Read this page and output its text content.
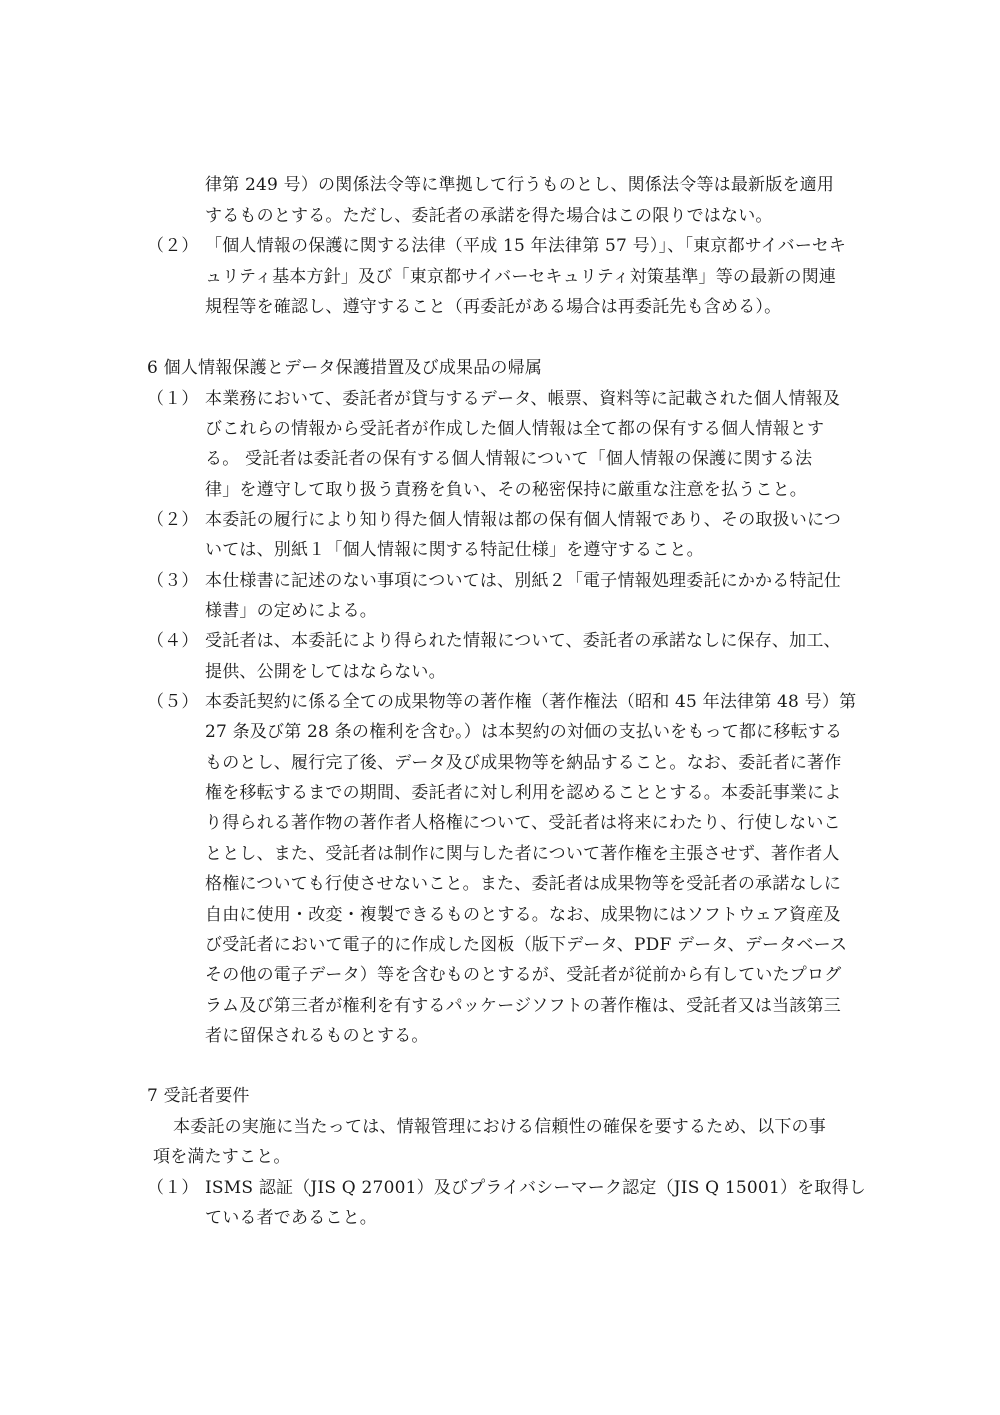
律第 249 号）の関係法令等に準拠して行うものとし、関係法令等は最新版を適用
するものとする。ただし、委託者の承諾を得た場合はこの限りではない。
（２） 「個人情報の保護に関する法律（平成 15 年法律第 57 号）」、「東京都サイバーセキ
ュリティ基本方針」及び「東京都サイバーセキュリティ対策基準」等の最新の関連
規程等を確認し、遵守すること（再委託がある場合は再委託先も含める）。
6 個人情報保護とデータ保護措置及び成果品の帰属
（１） 本業務において、委託者が貸与するデータ、帳票、資料等に記載された個人情報及
びこれらの情報から受託者が作成した個人情報は全て都の保有する個人情報とす
る。 受託者は委託者の保有する個人情報について「個人情報の保護に関する法
律」を遵守して取り扱う責務を負い、その秘密保持に厳重な注意を払うこと。
（２） 本委託の履行により知り得た個人情報は都の保有個人情報であり、その取扱いにつ
いては、別紙１「個人情報に関する特記仕様」を遵守すること。
（３） 本仕様書に記述のない事項については、別紙２「電子情報処理委託にかかる特記仕
様書」の定めによる。
（４） 受託者は、本委託により得られた情報について、委託者の承諾なしに保存、加工、
提供、公開をしてはならない。
（５） 本委託契約に係る全ての成果物等の著作権（著作権法（昭和 45 年法律第 48 号）第
27 条及び第 28 条の権利を含む。）は本契約の対価の支払いをもって都に移転する
ものとし、履行完了後、データ及び成果物等を納品すること。なお、委託者に著作
権を移転するまでの期間、委託者に対し利用を認めることとする。本委託事業によ
り得られる著作物の著作者人格権について、受託者は将来にわたり、行使しないこ
ととし、また、受託者は制作に関与した者について著作権を主張させず、著作者人
格権についても行使させないこと。また、委託者は成果物等を受託者の承諾なしに
自由に使用・改変・複製できるものとする。なお、成果物にはソフトウェア資産及
び受託者において電子的に作成した図板（版下データ、PDF データ、データベース
その他の電子データ）等を含むものとするが、受託者が従前から有していたプログ
ラム及び第三者が権利を有するパッケージソフトの著作権は、受託者又は当該第三
者に留保されるものとする。
7 受託者要件
本委託の実施に当たっては、情報管理における信頼性の確保を要するため、以下の事
項を満たすこと。
（１） ISMS 認証（JIS Q 27001）及びプライバシーマーク認定（JIS Q 15001）を取得し
ている者であること。
